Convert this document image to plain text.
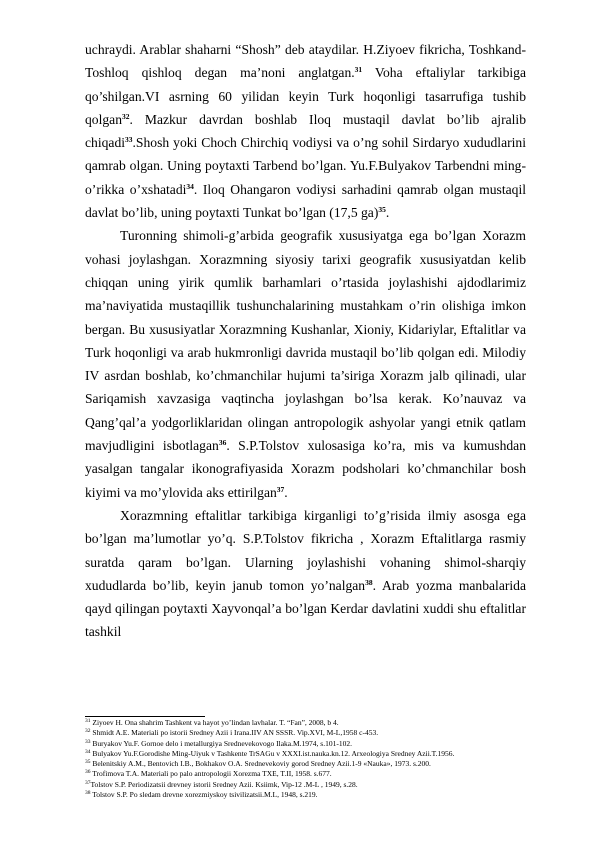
uchraydi. Arablar shaharni “Shosh” deb ataydilar. H.Ziyoev fikricha, Toshkand-Toshloq qishloq degan ma’noni anglatgan.$^{31}$ Voha eftaliylar tarkibiga qo’shilgan.VI asrning 60 yilidan keyin Turk hoqonligi tasarrufiga tushib qolgan$^{32}$. Mazkur davrdan boshlab Iloq mustaqil davlat bo’lib ajralib chiqadi$^{33}$.Shosh yoki Choch Chirchiq vodiysi va o’ng sohil Sirdaryo xududlarini qamrab olgan. Uning poytaxti Tarbend bo’lgan. Yu.F.Bulyakov Tarbendni ming-o’rikka o’xshatadi$^{34}$. Iloq Ohangaron vodiysi sarhadini qamrab olgan mustaqil davlat bo’lib, uning poytaxti Tunkat bo’lgan (17,5 ga)$^{35}$.

Turonning shimoli-g’arbida geografik xususiyatga ega bo’lgan Xorazm vohasi joylashgan. Xorazmning siyosiy tarixi geografik xususiyatdan kelib chiqqan uning yirik qumlik barhamlari o’rtasida joylashishi ajdodlarimiz ma’naviyatida mustaqillik tushunchalarining mustahkam o’rin olishiga imkon bergan. Bu xususiyatlar Xorazmning Kushanlar, Xioniy, Kidariylar, Eftalitlar va Turk hoqonligi va arab hukmronligi davrida mustaqil bo’lib qolgan edi. Milodiy IV asrdan boshlab, ko’chmanchilar hujumi ta’siriga Xorazm jalb qilinadi, ular Sariqamish xavzasiga vaqtincha joylashgan bo’lsa kerak. Ko’nauvaz va Qang’qal’a yodgorliklaridan olingan antropologik ashyolar yangi etnik qatlam mavjudligini isbotlagan$^{36}$. S.P.Tolstov xulosasiga ko’ra, mis va kumushdan yasalgan tangalar ikonografiyasida Xorazm podsholari ko’chmanchilar bosh kiyimi va mo’ylovida aks ettirilgan$^{37}$.

Xorazmning eftalitlar tarkibiga kirganligi to’g’risida ilmiy asosga ega bo’lgan ma’lumotlar yo’q. S.P.Tolstov fikricha , Xorazm Eftalitlarga rasmiy suratda qaram bo’lgan. Ularning joylashishi vohaning shimol-sharqiy xududlarda bo’lib, keyin janub tomon yo’nalgan$^{38}$. Arab yozma manbalarida qayd qilingan poytaxti Xayvonqal’a bo’lgan Kerdar davlatini xuddi shu eftalitlar tashkil

$^{31}$ Ziyoev H. Ona shahrim Tashkent va hayot yo’lindan lavhalar. T. “Fan”, 2008, b 4.

$^{32}$ Shmidt A.E. Materiali po istorii Sredney Azii i Irana.IIV AN SSSR. Vip.XVI, M-L,1958 c-453.

$^{33}$ Buryakov Yu.F. Gornoe delo i metallurgiya Srednevekovogo Ilaka.M.1974, s.101-102.

$^{34}$ Bulyakov Yu.F.Gorodishe Ming-Uiyuk v Tashkente TrSAGu v XXXI.ist.nauka.kn.12. Arxeologiya Sredney Azii.T.1956.

$^{35}$ Belenitskiy A.M., Bentovich I.B., Bokhakov O.A. Srednevekoviy gorod Sredney Azii.1-9 «Nauka», 1973. s.200.

$^{36}$ Trofimova T.A. Materiali po palo antropologii Xorezma TXE, T.II, 1958. s.677.

$^{37}$Tolstov S.P. Periodizatsii drevney istorii Sredney Azii. Ksiimk, Vip-12 .M-L , 1949, s.28.

$^{38}$ Tolstov S.P. Po sledam drevne xorezmiyskoy tsivilizatsii.M.L, 1948, s.219.
